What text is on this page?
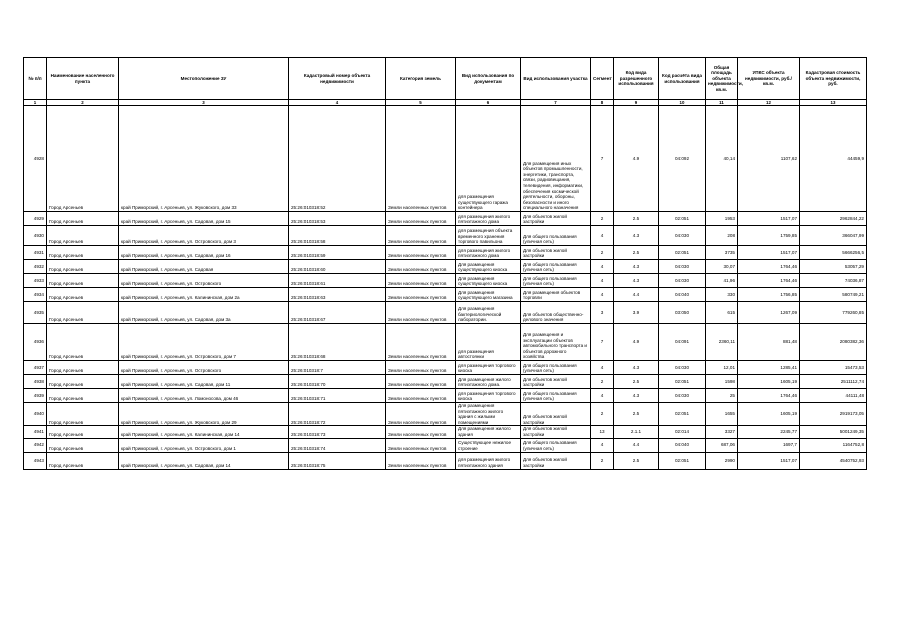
№ п/п	Наименование населенного пункта	Местоположение ЗУ	Кадастровый номер объекта недвижимости	Категория земель	Вид использования по документам	Вид использования участка	Сегмент	Код вида разрешенного использования	Код расчёта вида использования	Общая площадь объекта недвижимости, кв.м.	УПКС объекта недвижимости, руб./кв.м.	Кадастровая стоимость объекта недвижимости, руб.
1	2	3	4	5	6	7	8	9	10	11	12	13
4928	Город Арсеньев	край Приморский, г. Арсеньев, ул. Жуковского, дом 33	25:26:010318:52	Земли населенных пунктов	для размещения существующего гаража контейнера	Для размещения иных объектов промышленности, энергетики, транспорта, связи, радиовещания, телевидения, информатики, обеспечения космической деятельности, обороны, безопасности и иного специального назначения	7	4.9	04:092	40,14	1107,62	44459,9
4929	Город Арсеньев	край Приморский, г. Арсеньев, ул. Садовая, дом 15	25:26:010318:53	Земли населенных пунктов	для размещения жилого пятиэтажного дома	Для объектов жилой застройки	2	2.5	02:051	1953	1517,07	2962844,22
4930	Город Арсеньев	край Приморский, г. Арсеньев, ул. Островского, дом 3	25:26:010318:58	Земли населенных пунктов	для размещения объекта временного хранения торгового павильона	Для общего пользования (уличная сеть)	4	4.3	04:030	208	1759,85	366047,99
4931	Город Арсеньев	край Приморский, г. Арсеньев, ул. Садовая, дом 16	25:26:010318:59	Земли населенных пунктов	для размещения жилого пятиэтажного дома	Для объектов жилой застройки	2	2.5	02:051	3735	1517,07	5666256,5
4932	Город Арсеньев	край Приморский, г. Арсеньев, ул. Садовая	25:26:010318:60	Земли населенных пунктов	Для размещения существующего киоска	Для общего пользования (уличная сеть)	4	4.3	04:030	30,07	1764,46	53057,29
4933	Город Арсеньев	край Приморский, г. Арсеньев, ул. Островского	25:26:010318:61	Земли населенных пунктов	Для размещения существующего киоска	Для общего пользования (уличная сеть)	4	4.3	04:030	41,96	1764,46	74036,87
4934	Город Арсеньев	край Приморский, г. Арсеньев, ул. Калининская, дом 2а	25:26:010318:63	Земли населенных пунктов	Для размещения существующего магазина	Для размещения объектов торговли	4	4.4	04:040	330	1756,85	580749,21
4935	Город Арсеньев	край Приморский, г. Арсеньев, ул. Садовая, дом 3а	25:26:010318:67	Земли населенных пунктов	Для размещения бактериологической лаборатории.	Для объектов общественно-делового значения	3	3.9	03:050	615	1267,09	779260,85
4936	Город Арсеньев	край Приморский, г. Арсеньев, ул. Островского, дом 7	25:26:010318:68	Земли населенных пунктов	для размещения автостоянки	Для размещения и эксплуатации объектов автомобильного транспорта и объектов дорожного хозяйства	7	4.9	04:091	2360,11	881,48	2080382,36
4937	Город Арсеньев	край Приморский, г. Арсеньев, ул. Островского	25:26:010318:7	Земли населенных пунктов	для размещения торгового киоска	Для общего пользования (уличная сеть)	4	4.3	04:030	12,01	1285,41	15473,53
4938	Город Арсеньев	край Приморский, г. Арсеньев, ул. Садовая, дом 11	25:26:010318:70	Земли населенных пунктов	Для размещения жилого пятиэтажного дома.	Для объектов жилой застройки	2	2.5	02:051	1598	1605,19	2511112,74
4939	Город Арсеньев	край Приморский, г. Арсеньев, ул. Ломоносова, дом 46	25:26:010318:71	Земли населенных пунктов	для размещения торгового киоска	Для общего пользования (уличная сеть)	4	4.3	04:030	25	1764,46	44111,48
4940	Город Арсеньев	край Приморский, г. Арсеньев, ул. Жуковского, дом 29	25:26:010318:72	Земли населенных пунктов	Для размещения пятиэтажного жилого здания с жилыми помещениями	Для объектов жилой застройки	2	2.5	02:051	1655	1605,19	2919173,05
4941	Город Арсеньев	край Приморский, г. Арсеньев, ул. Калининская, дом 14	25:26:010318:73	Земли населенных пунктов	Для размещения жилого здания	Для объектов жилой застройки	13	2.1.1	02:014	3327	2245,77	5001249,35
4942	Город Арсеньев	край Приморский, г. Арсеньев, ул. Островского, дом 1	25:26:010318:74	Земли населенных пунктов	Существующее нежилое строение	Для общего пользования (уличная сеть)	4	4.4	04:040	687,06	1697,7	1164752,8
4943	Город Арсеньев	край Приморский, г. Арсеньев, ул. Садовая, дом 14	25:26:010318:75	Земли населенных пунктов	для размещения жилого пятиэтажного здания	Для объектов жилой застройки	2	2.5	02:051	2990	1517,07	4540752,93
